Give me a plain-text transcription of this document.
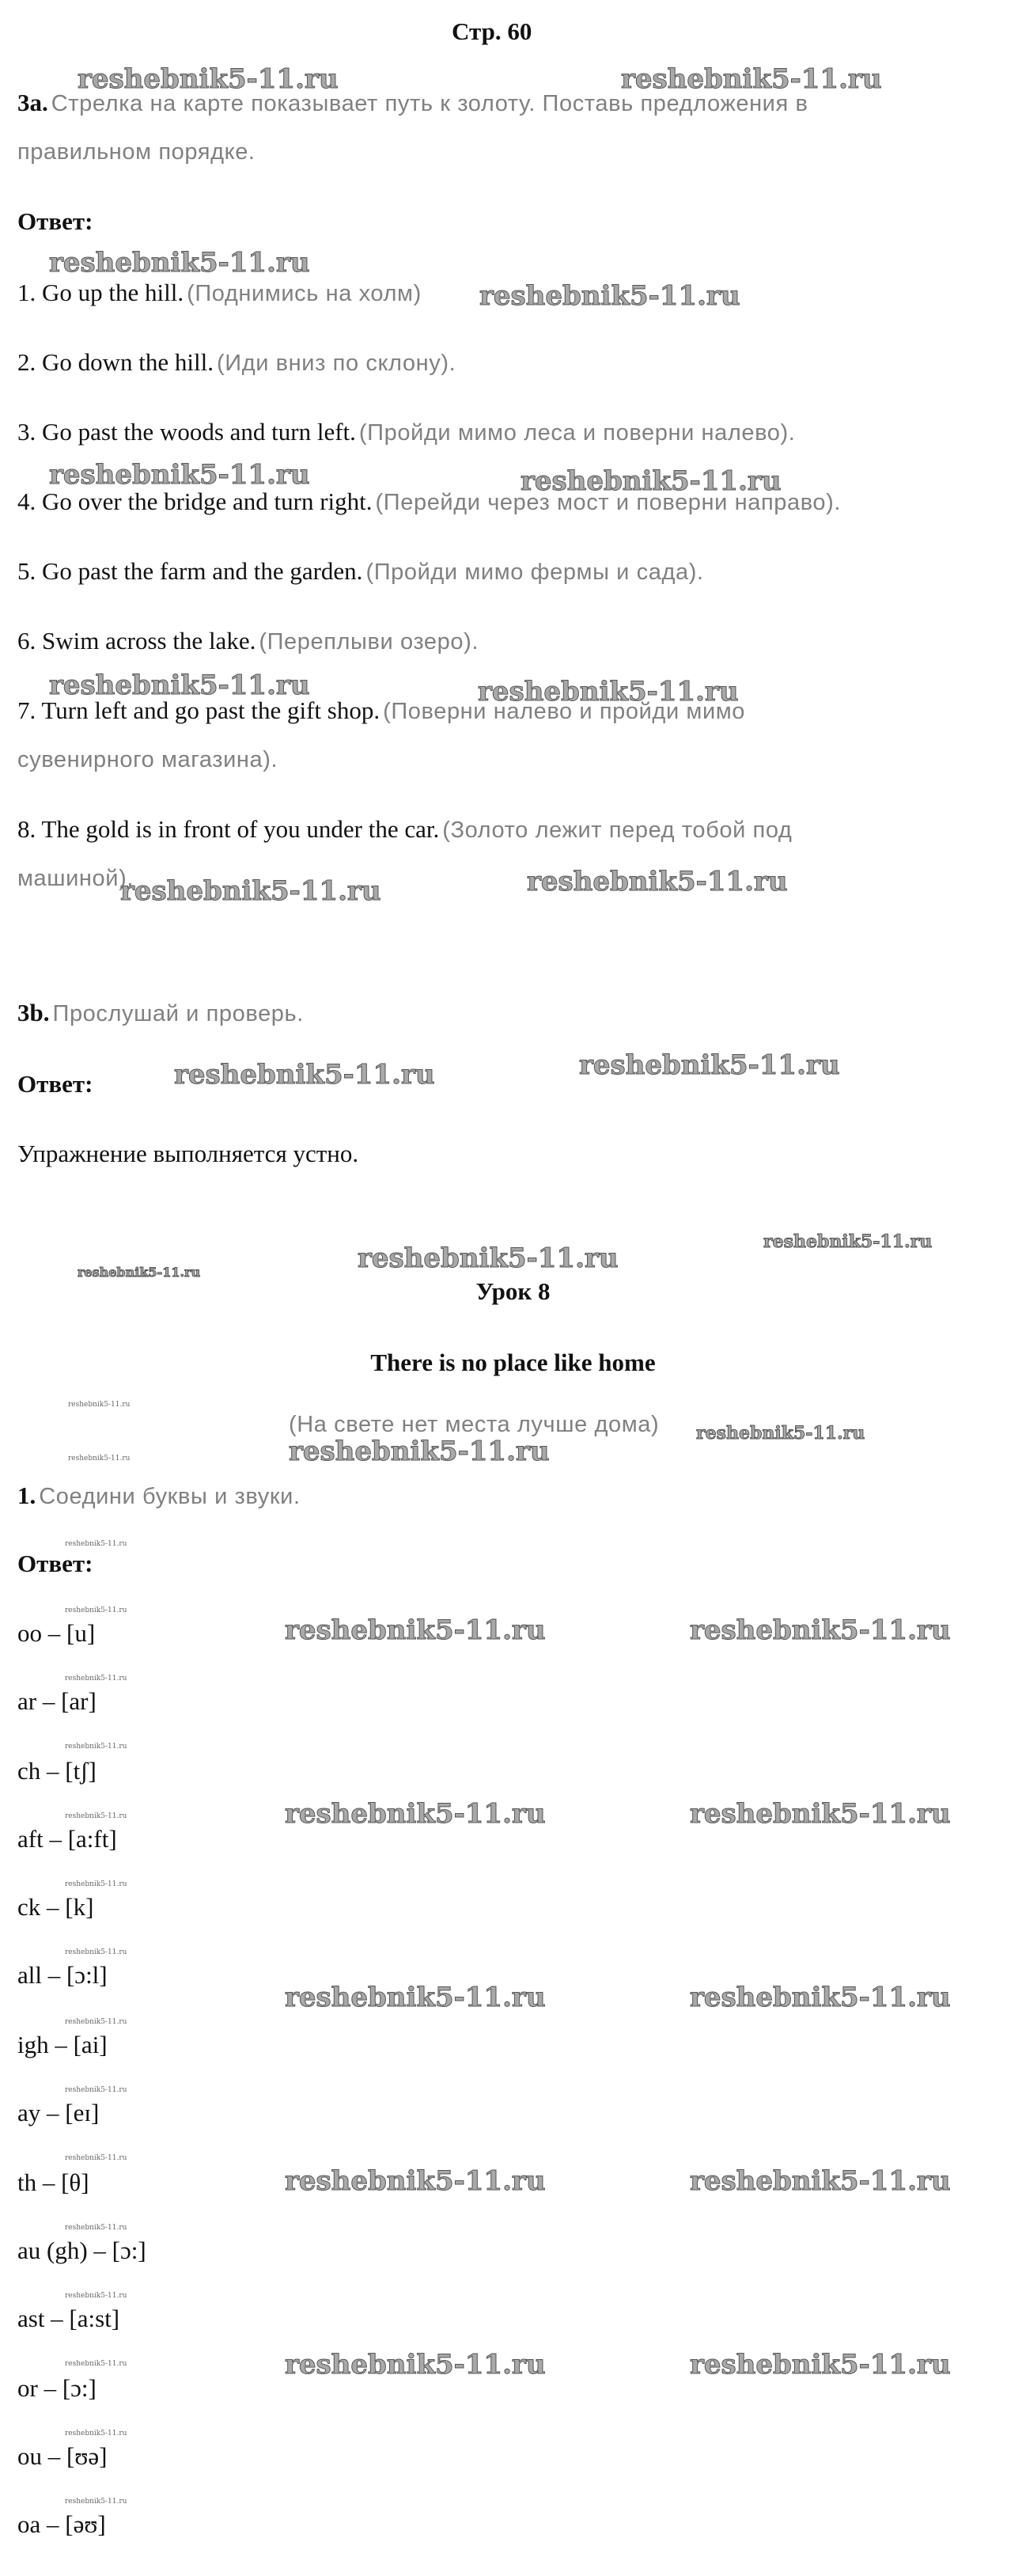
Стр. 60
3a. Стрелка на карте показывает путь к золоту. Поставь предложения в
правильном порядке.
Ответ:
1. Go up the hill. (Поднимись на холм)
2. Go down the hill. (Иди вниз по склону).
3. Go past the woods and turn left. (Пройди мимо леса и поверни налево).
4. Go over the bridge and turn right. (Перейди через мост и поверни направо).
5. Go past the farm and the garden. (Пройди мимо фермы и сада).
6. Swim across the lake. (Переплыви озеро).
7. Turn left and go past the gift shop. (Поверни налево и пройди мимо
сувенирного магазина).
8. The gold is in front of you under the car. (Золото лежит перед тобой под
машиной).
3b. Прослушай и проверь.
Ответ:
Упражнение выполняется устно.
Урок 8
There is no place like home
(На свете нет места лучше дома)
1. Соедини буквы и звуки.
Ответ:
oo – [u]
ar – [ar]
ch – [tʃ]
aft – [a:ft]
ck – [k]
all – [ɔ:l]
igh – [ai]
ay – [eɪ]
th – [θ]
au (gh) – [ɔ:]
ast – [a:st]
or – [ɔ:]
ou – [ʊə]
oa – [əʊ]
reshebnik5-11.ru	reshebnik5-11.ru
reshebnik5-11.ru
reshebnik5-11.ru
reshebnik5-11.ru	reshebnik5-11.ru
reshebnik5-11.ru	reshebnik5-11.ru
reshebnik5-11.ru	reshebnik5-11.ru
reshebnik5-11.ru	reshebnik5-11.ru
reshebnik5-11.ru
reshebnik5-11.ru
reshebnik5-11.ru
reshebnik5-11.ru
reshebnik5-11.ru
reshebnik5-11.ru
reshebnik5-11.ru
reshebnik5-11.ru	reshebnik5-11.ru
reshebnik5-11.ru	reshebnik5-11.ru
reshebnik5-11.ru	reshebnik5-11.ru
reshebnik5-11.ru	reshebnik5-11.ru
reshebnik5-11.ru	reshebnik5-11.ru
reshebnik5-11.ru
reshebnik5-11.ru
reshebnik5-11.ru
reshebnik5-11.ru
reshebnik5-11.ru
reshebnik5-11.ru
reshebnik5-11.ru
reshebnik5-11.ru
reshebnik5-11.ru
reshebnik5-11.ru
reshebnik5-11.ru
reshebnik5-11.ru
reshebnik5-11.ru
reshebnik5-11.ru
reshebnik5-11.ru
